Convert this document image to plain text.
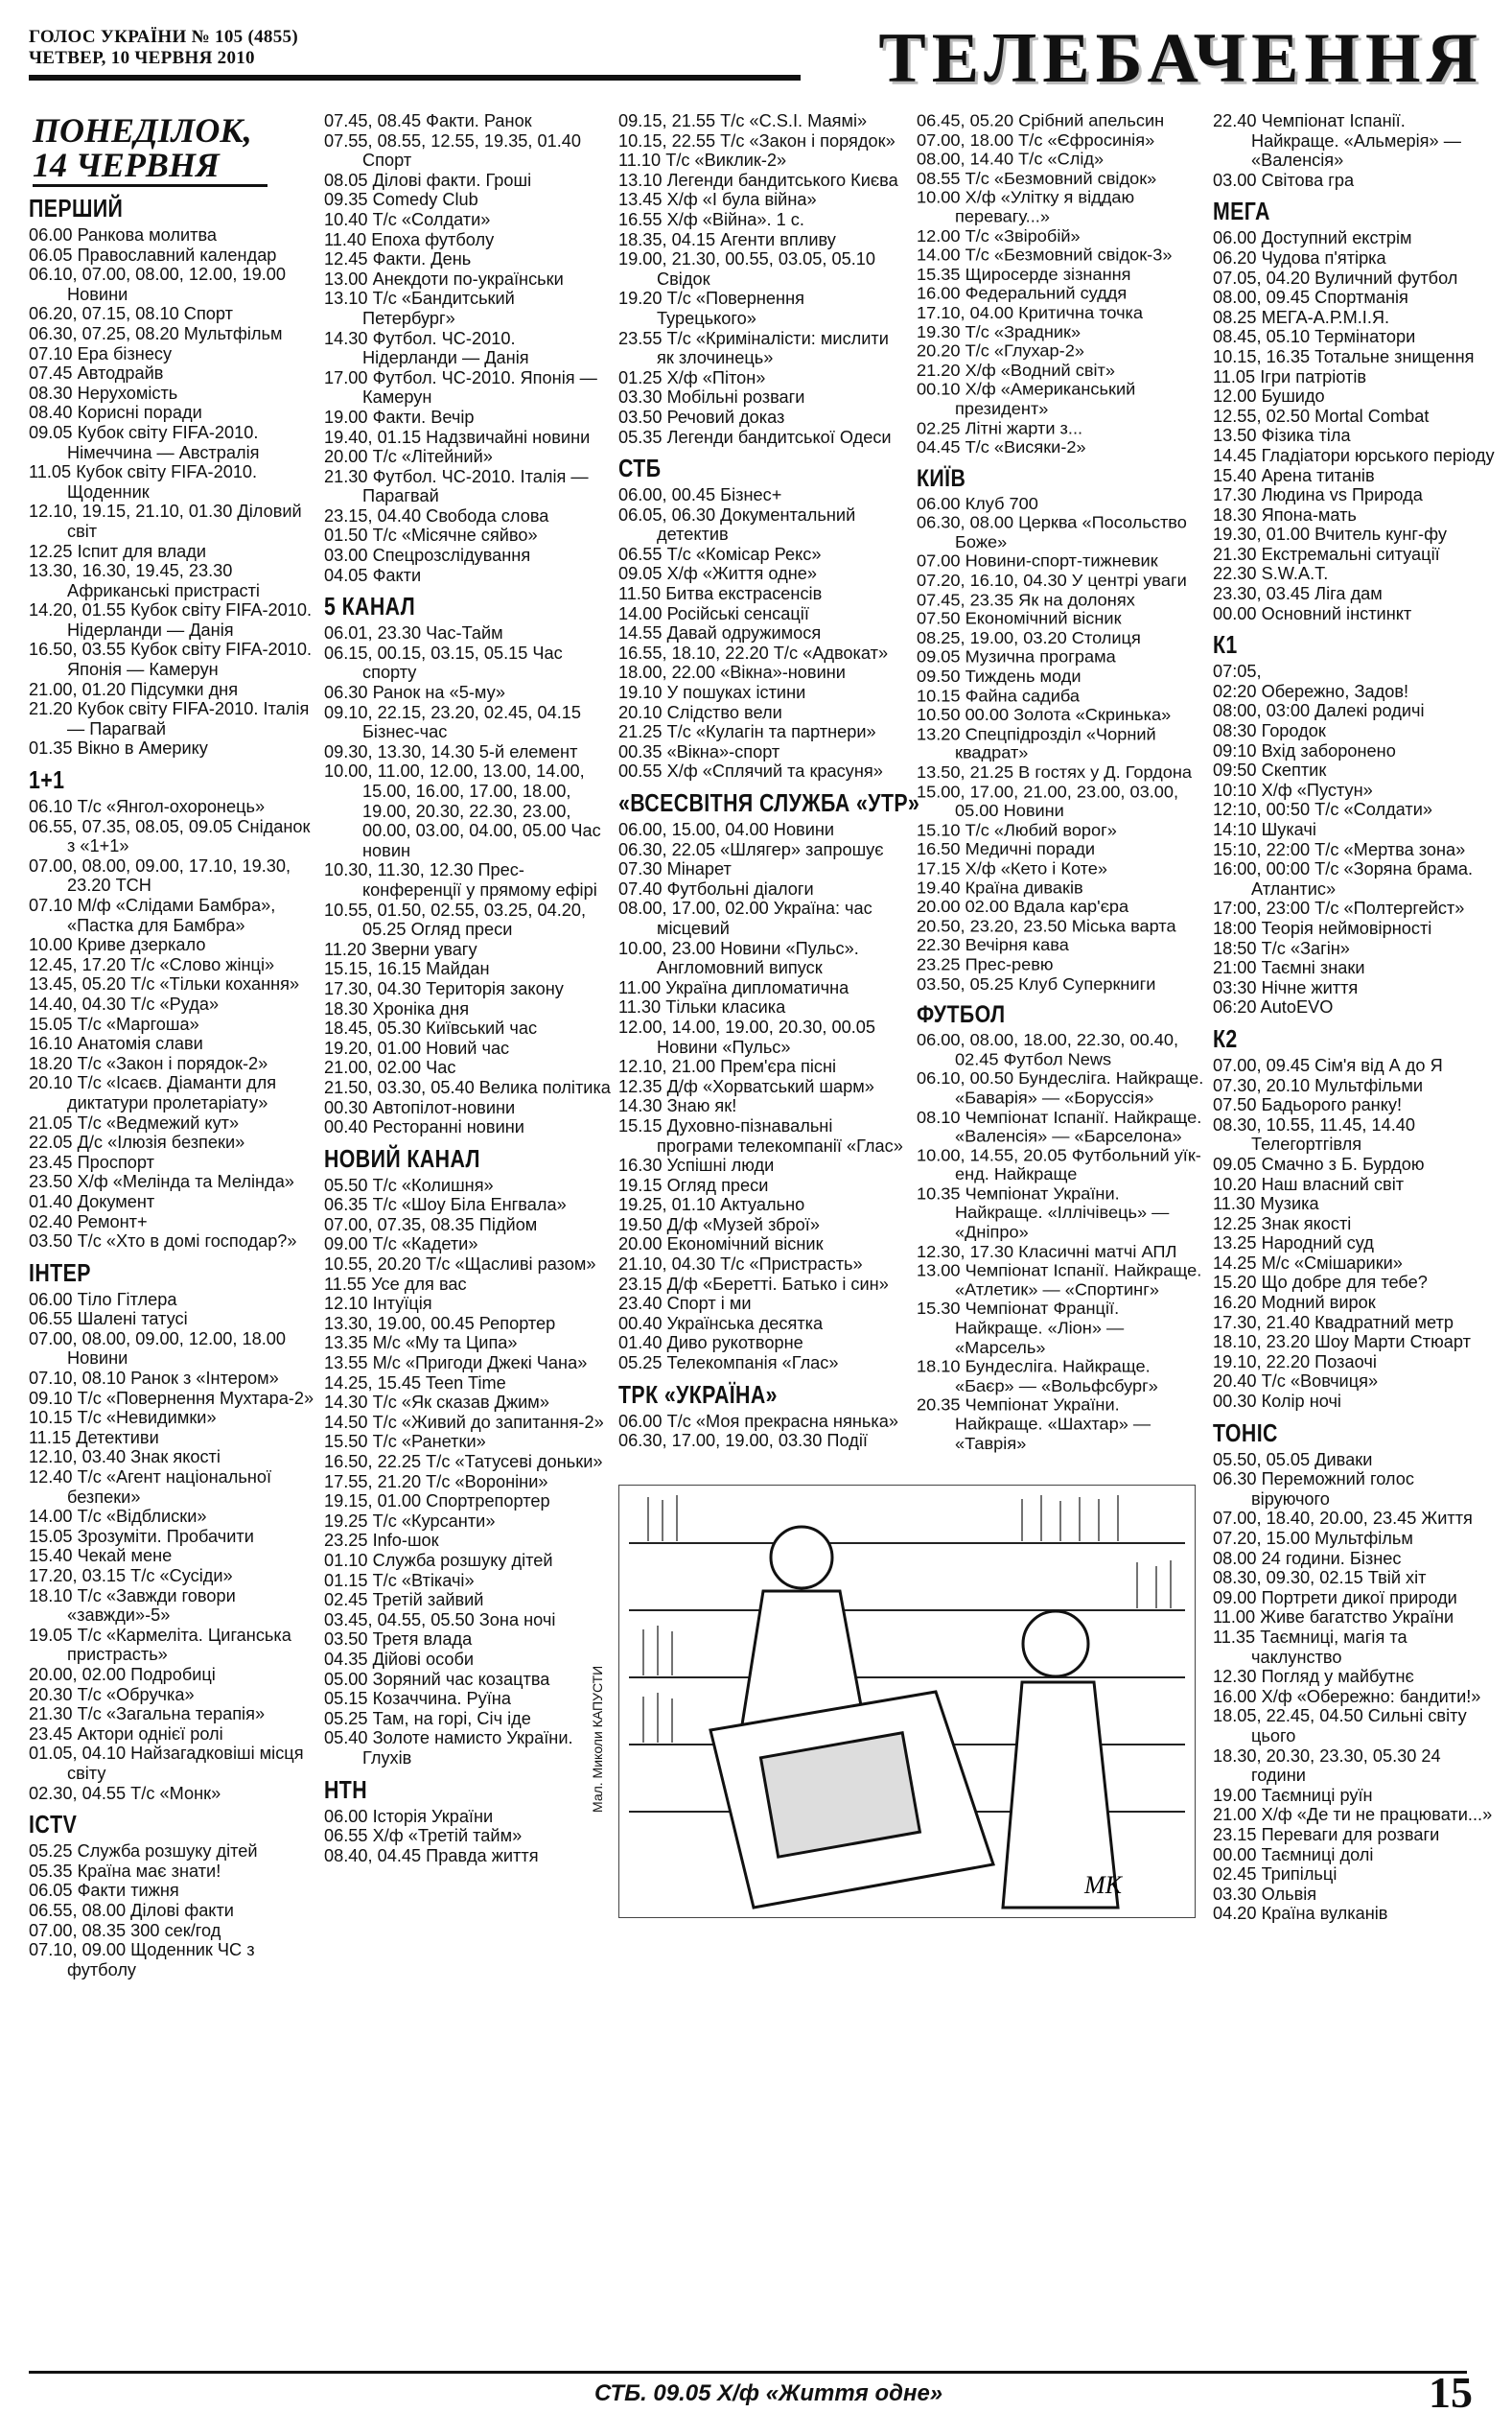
ГОЛОС УКРАЇНИ № 105 (4855)
ЧЕТВЕР, 10 ЧЕРВНЯ 2010	ТЕЛЕБАЧЕННЯ
ПОНЕДІЛОК,
14 ЧЕРВНЯ
ПЕРШИЙ
06.00 Ранкова молитва
06.05 Православний календар
06.10, 07.00, 08.00, 12.00, 19.00 Новини
06.20, 07.15, 08.10 Спорт
06.30, 07.25, 08.20 Мультфільм
07.10 Ера бізнесу
07.45 Автодрайв
08.30 Нерухомість
08.40 Корисні поради
09.05 Кубок світу FIFA-2010. Німеччина — Австралія
11.05 Кубок світу FIFA-2010. Щоденник
12.10, 19.15, 21.10, 01.30 Діловий світ
12.25 Іспит для влади
13.30, 16.30, 19.45, 23.30 Африканські пристрасті
14.20, 01.55 Кубок світу FIFA-2010. Нідерланди — Данія
16.50, 03.55 Кубок світу FIFA-2010. Японія — Камерун
21.00, 01.20 Підсумки дня
21.20 Кубок світу FIFA-2010. Італія — Парагвай
01.35 Вікно в Америку
1+1
06.10 Т/с «Янгол-охоронець»
06.55, 07.35, 08.05, 09.05 Сніданок з «1+1»
07.00, 08.00, 09.00, 17.10, 19.30, 23.20 ТСН
07.10 М/ф «Слідами Бамбра», «Пастка для Бамбра»
10.00 Криве дзеркало
12.45, 17.20 Т/с «Слово жінці»
13.45, 05.20 Т/с «Тільки кохання»
14.40, 04.30 Т/с «Руда»
15.05 Т/с «Маргоша»
16.10 Анатомія слави
18.20 Т/с «Закон і порядок-2»
20.10 Т/с «Ісаєв. Діаманти для диктатури пролетаріату»
21.05 Т/с «Ведмежий кут»
22.05 Д/с «Ілюзія безпеки»
23.45 Проспорт
23.50 Х/ф «Мелінда та Мелінда»
01.40 Документ
02.40 Ремонт+
03.50 Т/с «Хто в домі господар?»
ІНТЕР
06.00 Тіло Гітлера
06.55 Шалені татусі
07.00, 08.00, 09.00, 12.00, 18.00 Новини
07.10, 08.10 Ранок з «Інтером»
09.10 Т/с «Повернення Мухтара-2»
10.15 Т/с «Невидимки»
11.15 Детективи
12.10, 03.40 Знак якості
12.40 Т/с «Агент національної безпеки»
14.00 Т/с «Відблиски»
15.05 Зрозуміти. Пробачити
15.40 Чекай мене
17.20, 03.15 Т/с «Сусіди»
18.10 Т/с «Завжди говори «завжди»-5»
19.05 Т/с «Кармеліта. Циганська пристрасть»
20.00, 02.00 Подробиці
20.30 Т/с «Обручка»
21.30 Т/с «Загальна терапія»
23.45 Актори однієї ролі
01.05, 04.10 Найзагадковіші місця світу
02.30, 04.55 Т/с «Монк»
ICTV
05.25 Служба розшуку дітей
05.35 Країна має знати!
06.05 Факти тижня
06.55, 08.00 Ділові факти
07.00, 08.35 300 сек/год
07.10, 09.00 Щоденник ЧС з футболу
07.45, 08.45 Факти. Ранок
07.55, 08.55, 12.55, 19.35, 01.40 Спорт
08.05 Ділові факти. Гроші
09.35 Comedy Club
10.40 Т/с «Солдати»
11.40 Епоха футболу
12.45 Факти. День
13.00 Анекдоти по-українськи
13.10 Т/с «Бандитський Петербург»
14.30 Футбол. ЧС-2010. Нідерланди — Данія
17.00 Футбол. ЧС-2010. Японія — Камерун
19.00 Факти. Вечір
19.40, 01.15 Надзвичайні новини
20.00 Т/с «Літейний»
21.30 Футбол. ЧС-2010. Італія — Парагвай
23.15, 04.40 Свобода слова
01.50 Т/с «Місячне сяйво»
03.00 Спецрозслідування
04.05 Факти
5 КАНАЛ
06.01, 23.30 Час-Тайм
06.15, 00.15, 03.15, 05.15 Час спорту
06.30 Ранок на «5-му»
09.10, 22.15, 23.20, 02.45, 04.15 Бізнес-час
09.30, 13.30, 14.30 5-й елемент
10.00, 11.00, 12.00, 13.00, 14.00, 15.00, 16.00, 17.00, 18.00, 19.00, 20.30, 22.30, 23.00, 00.00, 03.00, 04.00, 05.00 Час новин
10.30, 11.30, 12.30 Прес-конференції у прямому ефірі
10.55, 01.50, 02.55, 03.25, 04.20, 05.25 Огляд преси
11.20 Зверни увагу
15.15, 16.15 Майдан
17.30, 04.30 Територія закону
18.30 Хроніка дня
18.45, 05.30 Київський час
19.20, 01.00 Новий час
21.00, 02.00 Час
21.50, 03.30, 05.40 Велика політика
00.30 Автопілот-новини
00.40 Ресторанні новини
НОВИЙ КАНАЛ
05.50 Т/с «Колишня»
06.35 Т/с «Шоу Біла Енгвала»
07.00, 07.35, 08.35 Підйом
09.00 Т/с «Кадети»
10.55, 20.20 Т/с «Щасливі разом»
11.55 Усе для вас
12.10 Інтуїція
13.30, 19.00, 00.45 Репортер
13.35 М/с «Му та Ципа»
13.55 М/с «Пригоди Джекі Чана»
14.25, 15.45 Teen Time
14.30 Т/с «Як сказав Джим»
14.50 Т/с «Живий до запитання-2»
15.50 Т/с «Ранетки»
16.50, 22.25 Т/с «Татусеві доньки»
17.55, 21.20 Т/с «Вороніни»
19.15, 01.00 Спортрепортер
19.25 Т/с «Курсанти»
23.25 Info-шок
01.10 Служба розшуку дітей
01.15 Т/с «Втікачі»
02.45 Третій зайвий
03.45, 04.55, 05.50 Зона ночі
03.50 Третя влада
04.35 Дійові особи
05.00 Зоряний час козацтва
05.15 Козаччина. Руїна
05.25 Там, на горі, Січ іде
05.40 Золоте намисто України. Глухів
НТН
06.00 Історія України
06.55 Х/ф «Третій тайм»
08.40, 04.45 Правда життя
09.15, 21.55 Т/с «C.S.I. Маямі»
10.15, 22.55 Т/с «Закон і порядок»
11.10 Т/с «Виклик-2»
13.10 Легенди бандитського Києва
13.45 Х/ф «І була війна»
16.55 Х/ф «Війна». 1 с.
18.35, 04.15 Агенти впливу
19.00, 21.30, 00.55, 03.05, 05.10 Свідок
19.20 Т/с «Повернення Турецького»
23.55 Т/с «Криміналісти: мислити як злочинець»
01.25 Х/ф «Пітон»
03.30 Мобільні розваги
03.50 Речовий доказ
05.35 Легенди бандитської Одеси
СТБ
06.00, 00.45 Бізнес+
06.05, 06.30 Документальний детектив
06.55 Т/с «Комісар Рекс»
09.05 Х/ф «Життя одне»
11.50 Битва екстрасенсів
14.00 Російські сенсації
14.55 Давай одружимося
16.55, 18.10, 22.20 Т/с «Адвокат»
18.00, 22.00 «Вікна»-новини
19.10 У пошуках істини
20.10 Слідство вели
21.25 Т/с «Кулагін та партнери»
00.35 «Вікна»-спорт
00.55 Х/ф «Сплячий та красуня»
«ВСЕСВІТНЯ СЛУЖБА «УТР»
06.00, 15.00, 04.00 Новини
06.30, 22.05 «Шлягер» запрошує
07.30 Мінарет
07.40 Футбольні діалоги
08.00, 17.00, 02.00 Україна: час місцевий
10.00, 23.00 Новини «Пульс». Англомовний випуск
11.00 Україна дипломатична
11.30 Тільки класика
12.00, 14.00, 19.00, 20.30, 00.05 Новини «Пульс»
12.10, 21.00 Прем'єра пісні
12.35 Д/ф «Хорватський шарм»
14.30 Знаю як!
15.15 Духовно-пізнавальні програми телекомпанії «Глас»
16.30 Успішні люди
19.15 Огляд преси
19.25, 01.10 Актуально
19.50 Д/ф «Музей зброї»
20.00 Економічний вісник
21.10, 04.30 Т/с «Пристрасть»
23.15 Д/ф «Беретті. Батько і син»
23.40 Спорт і ми
00.40 Українська десятка
01.40 Диво рукотворне
05.25 Телекомпанія «Глас»
ТРК «УКРАЇНА»
06.00 Т/с «Моя прекрасна нянька»
06.30, 17.00, 19.00, 03.30 Події
06.45, 05.20 Срібний апельсин
07.00, 18.00 Т/с «Єфросинія»
08.00, 14.40 Т/с «Слід»
08.55 Т/с «Безмовний свідок»
10.00 Х/ф «Улітку я віддаю перевагу...»
12.00 Т/с «Звіробій»
14.00 Т/с «Безмовний свідок-3»
15.35 Щиросерде зізнання
16.00 Федеральний суддя
17.10, 04.00 Критична точка
19.30 Т/с «Зрадник»
20.20 Т/с «Глухар-2»
21.20 Х/ф «Водний світ»
00.10 Х/ф «Американський президент»
02.25 Літні жарти з...
04.45 Т/с «Висяки-2»
КИЇВ
06.00 Клуб 700
06.30, 08.00 Церква «Посольство Боже»
07.00 Новини-спорт-тижневик
07.20, 16.10, 04.30 У центрі уваги
07.45, 23.35 Як на долонях
07.50 Економічний вісник
08.25, 19.00, 03.20 Столиця
09.05 Музична програма
09.50 Тиждень моди
10.15 Файна садиба
10.50 00.00 Золота «Скринька»
13.20 Спецпідрозділ «Чорний квадрат»
13.50, 21.25 В гостях у Д. Гордона
15.00, 17.00, 21.00, 23.00, 03.00, 05.00 Новини
15.10 Т/с «Любий ворог»
16.50 Медичні поради
17.15 Х/ф «Кето і Коте»
19.40 Країна диваків
20.00 02.00 Вдала кар'єра
20.50, 23.20, 23.50 Міська варта
22.30 Вечірня кава
23.25 Прес-ревю
03.50, 05.25 Клуб Суперкниги
ФУТБОЛ
06.00, 08.00, 18.00, 22.30, 00.40, 02.45 Футбол News
06.10, 00.50 Бундесліга. Найкраще. «Баварія» — «Боруссія»
08.10 Чемпіонат Іспанії. Найкраще. «Валенсія» — «Барселона»
10.00, 14.55, 20.05 Футбольний уїк-енд. Найкраще
10.35 Чемпіонат України. Найкраще. «Іллічівець» — «Дніпро»
12.30, 17.30 Класичні матчі АПЛ
13.00 Чемпіонат Іспанії. Найкраще. «Атлетик» — «Спортинг»
15.30 Чемпіонат Франції. Найкраще. «Ліон» — «Марсель»
18.10 Бундесліга. Найкраще. «Баєр» — «Вольфсбург»
20.35 Чемпіонат України. Найкраще. «Шахтар» — «Таврія»
22.40 Чемпіонат Іспанії. Найкраще. «Альмерія» — «Валенсія»
03.00 Світова гра
МЕГА
06.00 Доступний екстрім
06.20 Чудова п'ятірка
07.05, 04.20 Вуличний футбол
08.00, 09.45 Спортманія
08.25 МЕГА-А.Р.М.І.Я.
08.45, 05.10 Термінатори
10.15, 16.35 Тотальне знищення
11.05 Ігри патріотів
12.00 Бушидо
12.55, 02.50 Mortal Combat
13.50 Фізика тіла
14.45 Гладіатори юрського періоду
15.40 Арена титанів
17.30 Людина vs Природа
18.30 Япона-мать
19.30, 01.00 Вчитель кунг-фу
21.30 Екстремальні ситуації
22.30 S.W.A.T.
23.30, 03.45 Ліга дам
00.00 Основний інстинкт
К1
07:05,
02:20 Обережно, Задов!
08:00, 03:00 Далекі родичі
08:30 Городок
09:10 Вхід заборонено
09:50 Скептик
10:10 Х/ф «Пустун»
12:10, 00:50 Т/с «Солдати»
14:10 Шукачі
15:10, 22:00 Т/с «Мертва зона»
16:00, 00:00 Т/с «Зоряна брама. Атлантис»
17:00, 23:00 Т/с «Полтергейст»
18:00 Теорія неймовірності
18:50 Т/с «Загін»
21:00 Таємні знаки
03:30 Нічне життя
06:20 AutoEVO
К2
07.00, 09.45 Сім'я від А до Я
07.30, 20.10 Мультфільми
07.50 Бадьорого ранку!
08.30, 10.55, 11.45, 14.40 Телегортгівля
09.05 Смачно з Б. Бурдою
10.20 Наш власний світ
11.30 Музика
12.25 Знак якості
13.25 Народний суд
14.25 М/с «Смішарики»
15.20 Що добре для тебе?
16.20 Модний вирок
17.30, 21.40 Квадратний метр
18.10, 23.20 Шоу Марти Стюарт
19.10, 22.20 Позаочі
20.40 Т/с «Вовчиця»
00.30 Колір ночі
ТОНІС
05.50, 05.05 Диваки
06.30 Переможний голос віруючого
07.00, 18.40, 20.00, 23.45 Життя
07.20, 15.00 Мультфільм
08.00 24 години. Бізнес
08.30, 09.30, 02.15 Твій хіт
09.00 Портрети дикої природи
11.00 Живе багатство України
11.35 Таємниці, магія та чаклунство
12.30 Погляд у майбутнє
16.00 Х/ф «Обережно: бандити!»
18.05, 22.45, 04.50 Сильні світу цього
18.30, 20.30, 23.30, 05.30 24 години
19.00 Таємниці руїн
21.00 Х/ф «Де ти не працювати...»
23.15 Переваги для розваги
00.00 Таємниці долі
02.45 Трипільці
03.30 Ольвія
04.20 Країна вулканів
МК
Мал. Миколи КАПУСТИ
СТБ. 09.05 Х/ф «Життя одне»	15
